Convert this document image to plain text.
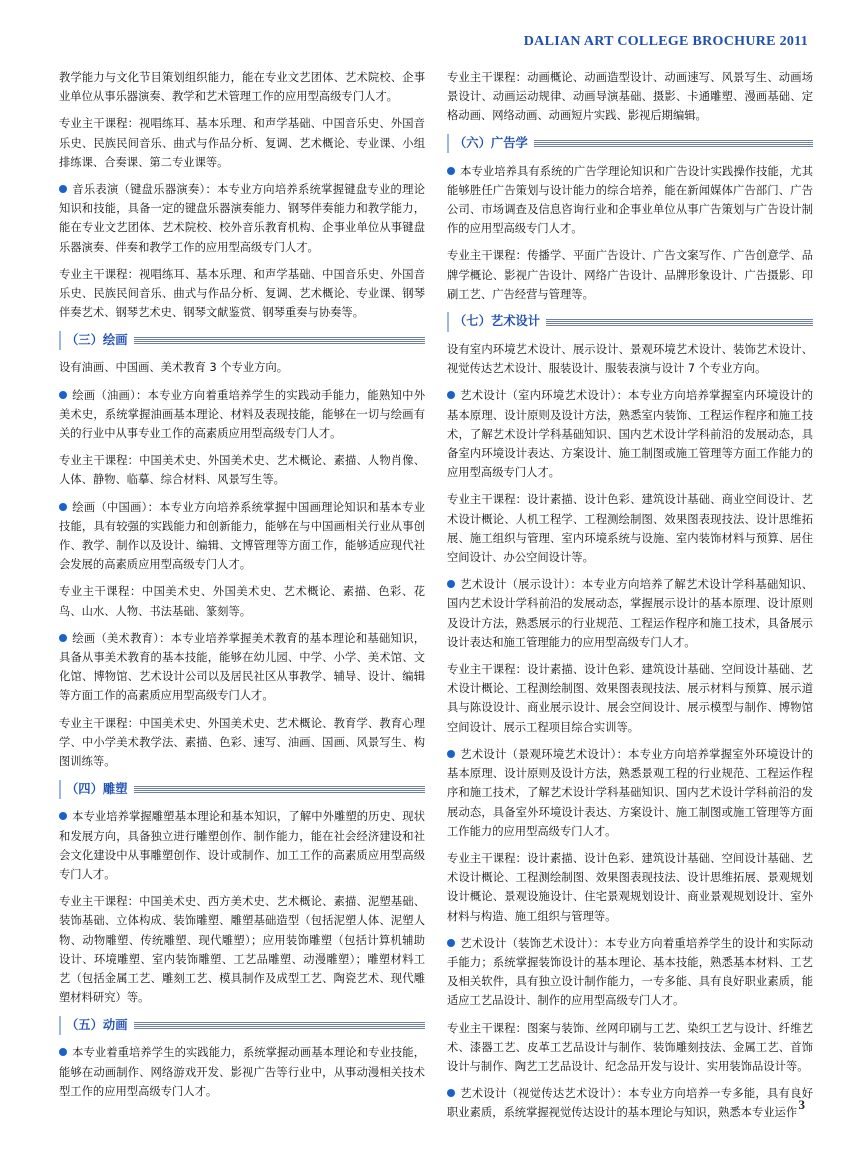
DALIAN ART COLLEGE BROCHURE 2011

教学能力与文化节目策划组织能力，能在专业文艺团体、艺术院校、企事业单位从事乐器演奏、教学和艺术管理工作的应用型高级专门人才。

专业主干课程：视唱练耳、基本乐理、和声学基础、中国音乐史、外国音乐史、民族民间音乐、曲式与作品分析、复调、艺术概论、专业课、小组排练课、合奏课、第二专业课等。

音乐表演（键盘乐器演奏）：本专业方向培养系统掌握键盘专业的理论知识和技能，具备一定的键盘乐器演奏能力、钢琴伴奏能力和教学能力，能在专业文艺团体、艺术院校、校外音乐教育机构、企事业单位从事键盘乐器演奏、伴奏和教学工作的应用型高级专门人才。

专业主干课程：视唱练耳、基本乐理、和声学基础、中国音乐史、外国音乐史、民族民间音乐、曲式与作品分析、复调、艺术概论、专业课、钢琴伴奏艺术、钢琴艺术史、钢琴文献鉴赏、钢琴重奏与协奏等。

（三）绘画

设有油画、中国画、美术教育 3 个专业方向。

绘画（油画）：本专业方向着重培养学生的实践动手能力，能熟知中外美术史，系统掌握油画基本理论、材料及表现技能，能够在一切与绘画有关的行业中从事专业工作的高素质应用型高级专门人才。

专业主干课程：中国美术史、外国美术史、艺术概论、素描、人物肖像、人体、静物、临摹、综合材料、风景写生等。

绘画（中国画）：本专业方向培养系统掌握中国画理论知识和基本专业技能，具有较强的实践能力和创新能力，能够在与中国画相关行业从事创作、教学、制作以及设计、编辑、文博管理等方面工作，能够适应现代社会发展的高素质应用型高级专门人才。

专业主干课程：中国美术史、外国美术史、艺术概论、素描、色彩、花鸟、山水、人物、书法基础、篆刻等。

绘画（美术教育）：本专业培养掌握美术教育的基本理论和基础知识，具备从事美术教育的基本技能，能够在幼儿园、中学、小学、美术馆、文化馆、博物馆、艺术设计公司以及居民社区从事教学、辅导、设计、编辑等方面工作的高素质应用型高级专门人才。

专业主干课程：中国美术史、外国美术史、艺术概论、教育学、教育心理学、中小学美术教学法、素描、色彩、速写、油画、国画、风景写生、构图训练等。

（四）雕塑

本专业培养掌握雕塑基本理论和基本知识，了解中外雕塑的历史、现状和发展方向，具备独立进行雕塑创作、制作能力，能在社会经济建设和社会文化建设中从事雕塑创作、设计或制作、加工工作的高素质应用型高级专门人才。

专业主干课程：中国美术史、西方美术史、艺术概论、素描、泥塑基础、装饰基础、立体构成、装饰雕塑、雕塑基础造型（包括泥塑人体、泥塑人物、动物雕塑、传统雕塑、现代雕塑）；应用装饰雕塑（包括计算机辅助设计、环境雕塑、室内装饰雕塑、工艺品雕塑、动漫雕塑）；雕塑材料工艺（包括金属工艺、雕刻工艺、模具制作及成型工艺、陶瓷艺术、现代雕塑材料研究）等。

（五）动画

本专业着重培养学生的实践能力，系统掌握动画基本理论和专业技能，能够在动画制作、网络游戏开发、影视广告等行业中，从事动漫相关技术型工作的应用型高级专门人才。

专业主干课程：动画概论、动画造型设计、动画速写、风景写生、动画场景设计、动画运动规律、动画导演基础、摄影、卡通雕塑、漫画基础、定格动画、网络动画、动画短片实践、影视后期编辑。

（六）广告学

本专业培养具有系统的广告学理论知识和广告设计实践操作技能，尤其能够胜任广告策划与设计能力的综合培养，能在新闻媒体广告部门、广告公司、市场调查及信息咨询行业和企事业单位从事广告策划与广告设计制作的应用型高级专门人才。

专业主干课程：传播学、平面广告设计、广告文案写作、广告创意学、品牌学概论、影视广告设计、网络广告设计、品牌形象设计、广告摄影、印刷工艺、广告经营与管理等。

（七）艺术设计

设有室内环境艺术设计、展示设计、景观环境艺术设计、装饰艺术设计、视觉传达艺术设计、服装设计、服装表演与设计 7 个专业方向。

艺术设计（室内环境艺术设计）：本专业方向培养掌握室内环境设计的基本原理、设计原则及设计方法，熟悉室内装饰、工程运作程序和施工技术，了解艺术设计学科基础知识、国内艺术设计学科前沿的发展动态，具备室内环境设计表达、方案设计、施工制图或施工管理等方面工作能力的应用型高级专门人才。

专业主干课程：设计素描、设计色彩、建筑设计基础、商业空间设计、艺术设计概论、人机工程学、工程测绘制图、效果图表现技法、设计思维拓展、施工组织与管理、室内环境系统与设施、室内装饰材料与预算、居住空间设计、办公空间设计等。

艺术设计（展示设计）：本专业方向培养了解艺术设计学科基础知识、国内艺术设计学科前沿的发展动态，掌握展示设计的基本原理、设计原则及设计方法，熟悉展示的行业规范、工程运作程序和施工技术，具备展示设计表达和施工管理能力的应用型高级专门人才。

专业主干课程：设计素描、设计色彩、建筑设计基础、空间设计基础、艺术设计概论、工程测绘制图、效果图表现技法、展示材料与预算、展示道具与陈设设计、商业展示设计、展会空间设计、展示模型与制作、博物馆空间设计、展示工程项目综合实训等。

艺术设计（景观环境艺术设计）：本专业方向培养掌握室外环境设计的基本原理、设计原则及设计方法，熟悉景观工程的行业规范、工程运作程序和施工技术，了解艺术设计学科基础知识、国内艺术设计学科前沿的发展动态，具备室外环境设计表达、方案设计、施工制图或施工管理等方面工作能力的应用型高级专门人才。

专业主干课程：设计素描、设计色彩、建筑设计基础、空间设计基础、艺术设计概论、工程测绘制图、效果图表现技法、设计思维拓展、景观规划设计概论、景观设施设计、住宅景观规划设计、商业景观规划设计、室外材料与构造、施工组织与管理等。

艺术设计（装饰艺术设计）：本专业方向着重培养学生的设计和实际动手能力；系统掌握装饰设计的基本理论、基本技能，熟悉基本材料、工艺及相关软件，具有独立设计制作能力，一专多能、具有良好职业素质，能适应工艺品设计、制作的应用型高级专门人才。

专业主干课程：图案与装饰、丝网印刷与工艺、染织工艺与设计、纤维艺术、漆器工艺、皮革工艺品设计与制作、装饰雕刻技法、金属工艺、首饰设计与制作、陶艺工艺品设计、纪念品开发与设计、实用装饰品设计等。

艺术设计（视觉传达艺术设计）：本专业方向培养一专多能，具有良好职业素质，系统掌握视觉传达设计的基本理论与知识，熟悉本专业运作

3
